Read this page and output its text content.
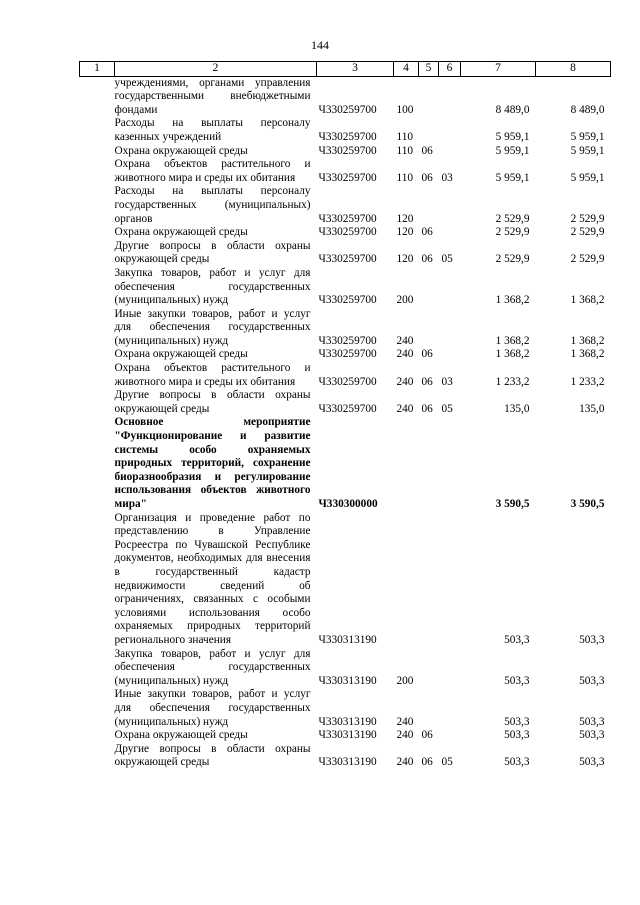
144
1	2	3	4	5	6	7	8
	учреждениями, органами управления государственными внебюджетными фондами	Ч330259700	100			8 489,0	8 489,0
	Расходы на выплаты персоналу казенных учреждений	Ч330259700	110			5 959,1	5 959,1
	Охрана окружающей среды	Ч330259700	110	06		5 959,1	5 959,1
	Охрана объектов растительного и животного мира и среды их обитания	Ч330259700	110	06	03	5 959,1	5 959,1
	Расходы на выплаты персоналу государственных (муниципальных) органов	Ч330259700	120			2 529,9	2 529,9
	Охрана окружающей среды	Ч330259700	120	06		2 529,9	2 529,9
	Другие вопросы в области охраны окружающей среды	Ч330259700	120	06	05	2 529,9	2 529,9
	Закупка товаров, работ и услуг для обеспечения государственных (муниципальных) нужд	Ч330259700	200			1 368,2	1 368,2
	Иные закупки товаров, работ и услуг для обеспечения государственных (муниципальных) нужд	Ч330259700	240			1 368,2	1 368,2
	Охрана окружающей среды	Ч330259700	240	06		1 368,2	1 368,2
	Охрана объектов растительного и животного мира и среды их обитания	Ч330259700	240	06	03	1 233,2	1 233,2
	Другие вопросы в области охраны окружающей среды	Ч330259700	240	06	05	135,0	135,0
	Основное мероприятие "Функционирование и развитие системы особо охраняемых природных территорий, сохранение биоразнообразия и регулирование использования объектов животного мира"	Ч330300000				3 590,5	3 590,5
	Организация и проведение работ по представлению в Управление Росреестра по Чувашской Республике документов, необходимых для внесения в государственный кадастр недвижимости сведений об ограничениях, связанных с особыми условиями использования особо охраняемых природных территорий регионального значения	Ч330313190				503,3	503,3
	Закупка товаров, работ и услуг для обеспечения государственных (муниципальных) нужд	Ч330313190	200			503,3	503,3
	Иные закупки товаров, работ и услуг для обеспечения государственных (муниципальных) нужд	Ч330313190	240			503,3	503,3
	Охрана окружающей среды	Ч330313190	240	06		503,3	503,3
	Другие вопросы в области охраны окружающей среды	Ч330313190	240	06	05	503,3	503,3
